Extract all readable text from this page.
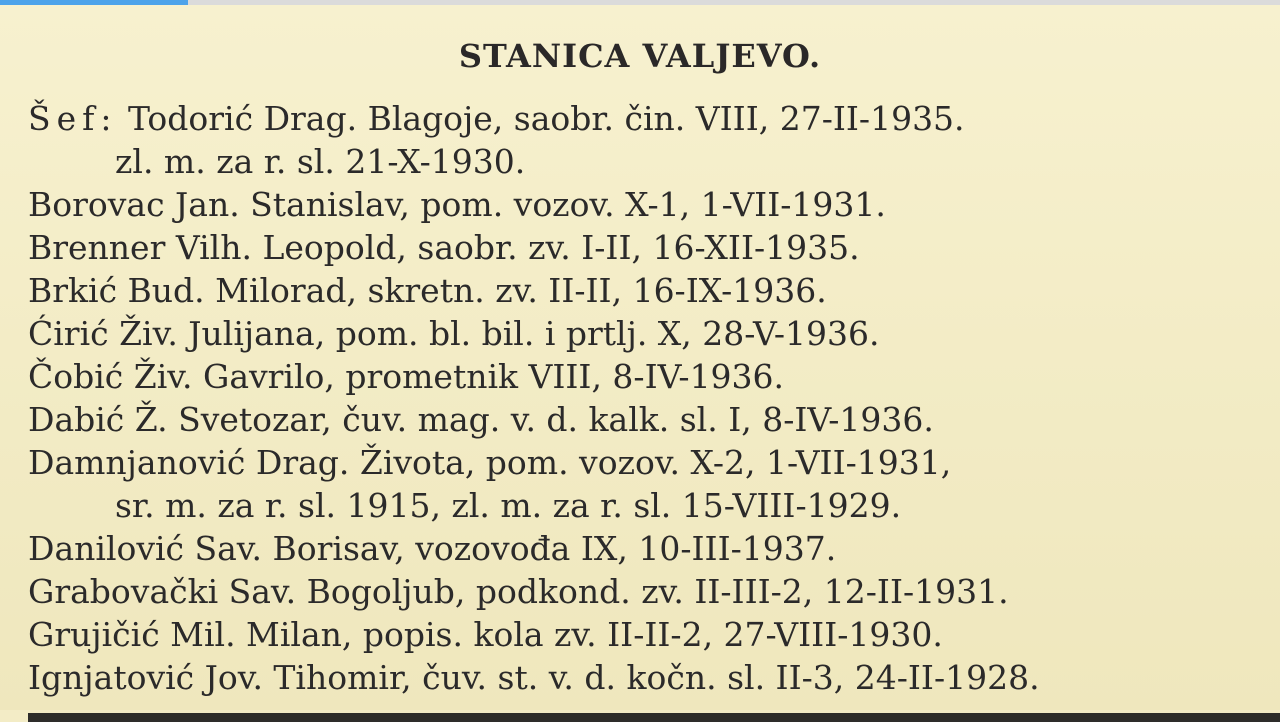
STANICA VALJEVO.
Šef: Todorić Drag. Blagoje, saobr. čin. VIII, 27-II-1935.
zl. m. za r. sl. 21-X-1930.
Borovac Jan. Stanislav, pom. vozov. X-1, 1-VII-1931.
Brenner Vilh. Leopold, saobr. zv. I-II, 16-XII-1935.
Brkić Bud. Milorad, skretn. zv. II-II, 16-IX-1936.
Ćirić Živ. Julijana, pom. bl. bil. i prtlj. X, 28-V-1936.
Čobić Živ. Gavrilo, prometnik VIII, 8-IV-1936.
Dabić Ž. Svetozar, čuv. mag. v. d. kalk. sl. I, 8-IV-1936.
Damnjanović Drag. Života, pom. vozov. X-2, 1-VII-1931,
sr. m. za r. sl. 1915, zl. m. za r. sl. 15-VIII-1929.
Danilović Sav. Borisav, vozovođa IX, 10-III-1937.
Grabovački Sav. Bogoljub, podkond. zv. II-III-2, 12-II-1931.
Grujičić Mil. Milan, popis. kola zv. II-II-2, 27-VIII-1930.
Ignjatović Jov. Tihomir, čuv. st. v. d. kočn. sl. II-3, 24-II-1928.
